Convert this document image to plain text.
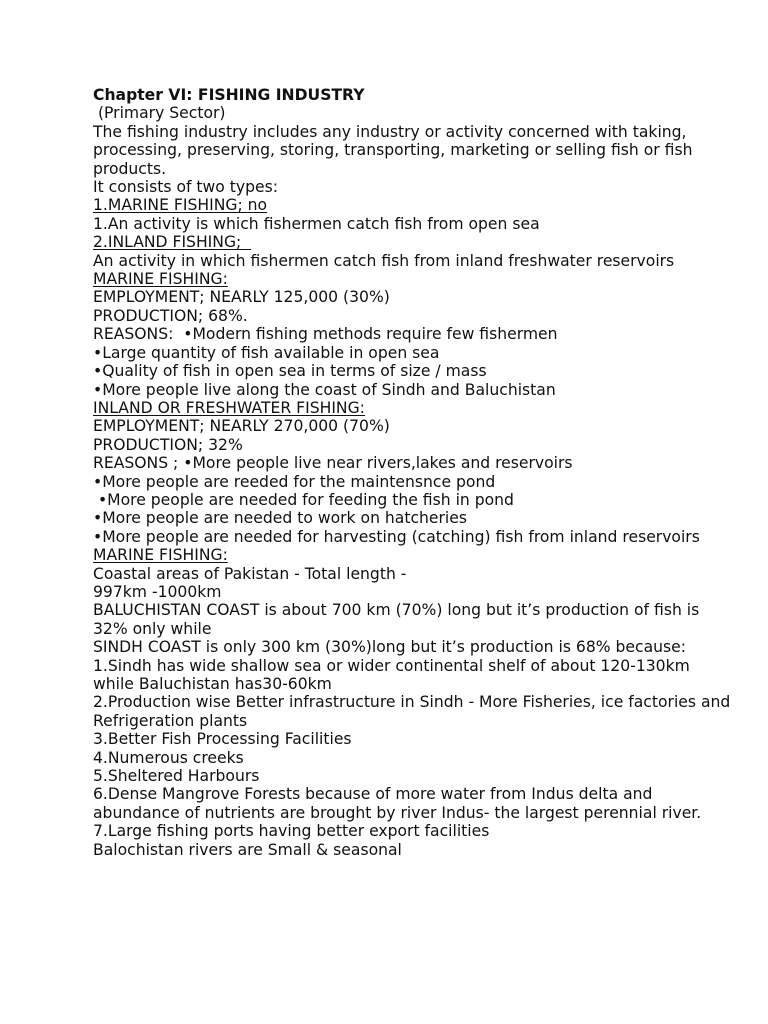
Chapter VI: FISHING INDUSTRY
(Primary Sector)
The fishing industry includes any industry or activity concerned with taking, processing, preserving, storing, transporting, marketing or selling fish or fish products.
It consists of two types:
1.MARINE FISHING; no
1.An activity is which fishermen catch fish from open sea
2.INLAND FISHING;
An activity in which fishermen catch fish from inland freshwater reservoirs
MARINE FISHING:
EMPLOYMENT; NEARLY 125,000 (30%)
PRODUCTION; 68%.
REASONS:  •Modern fishing methods require few fishermen
•Large quantity of fish available in open sea
•Quality of fish in open sea in terms of size / mass
•More people live along the coast of Sindh and Baluchistan
INLAND OR FRESHWATER FISHING:
EMPLOYMENT; NEARLY 270,000 (70%)
PRODUCTION; 32%
REASONS ; •More people live near rivers,lakes and reservoirs
•More people are reeded for the maintensnce pond
•More people are needed for feeding the fish in pond
•More people are needed to work on hatcheries
•More people are needed for harvesting (catching) fish from inland reservoirs
MARINE FISHING:
Coastal areas of Pakistan - Total length -
997km -1000km
BALUCHISTAN COAST is about 700 km (70%) long but it’s production of fish is 32% only while
SINDH COAST is only 300 km (30%)long but it’s production is 68% because:
1.Sindh has wide shallow sea or wider continental shelf of about 120-130km while Baluchistan has30-60km
2.Production wise Better infrastructure in Sindh - More Fisheries, ice factories and Refrigeration plants
3.Better Fish Processing Facilities
4.Numerous creeks
5.Sheltered Harbours
6.Dense Mangrove Forests because of more water from Indus delta and abundance of nutrients are brought by river Indus- the largest perennial river.
7.Large fishing ports having better export facilities
Balochistan rivers are Small & seasonal
